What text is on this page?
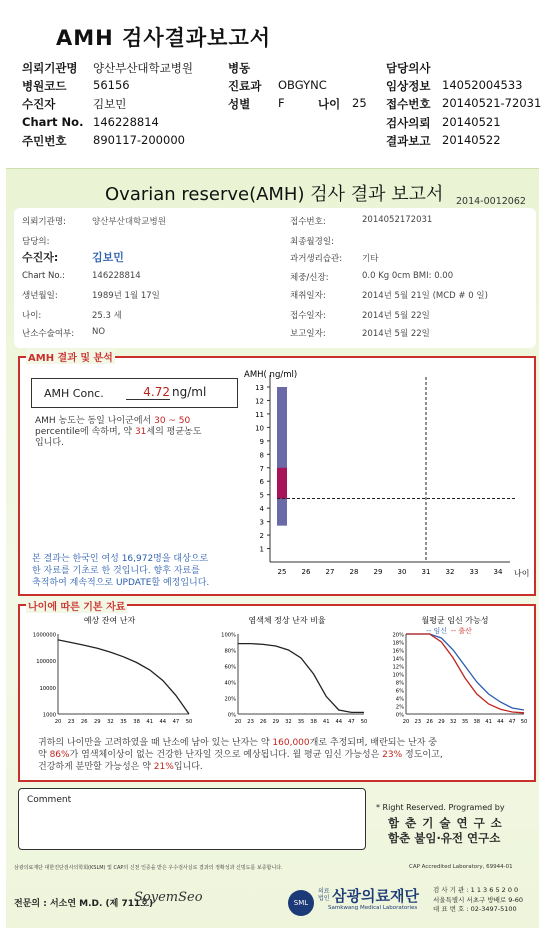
AMH 검사결과보고서
의뢰기관명 양산부산대학교병원	병동	담당의사
병원코드 56156	진료과 OBGYNC	임상정보 14052004533
수진자	김보민	성별 F	나이 25 접수번호 20140521-72031
Chart No. 146228814	검사의뢰 20140521
주민번호 890117-200000	결과보고 20140522
Ovarian reserve(AMH) 검사 결과 보고서 2014-0012062
의뢰기관명:	양산부산대학교병원
담당의:
수진자:	김보민
Chart No.:	146228814
생년월일:	1989년 1월 17일
나이:	25.3 세
난소수술여부: NO
접수번호:	2014052172031
최종월경일:
과거생리습관: 기타
체중/신장:	0.0 Kg 0cm BMI: 0.00
채취일자:	2014년 5월 21일 (MCD # 0 일)
접수일자:	2014년 5월 22일
보고일자:	2014년 5월 22일
AMH 결과 및 분석
AMH Conc.	4.72 ng/ml
AMH 농도는 동일 나이군에서 30 ~ 50
percentile에 속하며, 약 31세의 평균농도
입니다.
본 결과는 한국인 여성 16,972명을 대상으로
한 자료를 기초로 한 것입니다. 향후 자료를
축적하여 계속적으로 UPDATE할 예정입니다.
AMH( ng/ml)
1
2
3
4
5
6
7
8
9
10
11
12
13
25 26 27 28 29 30 31 32 33 34 나이
나이에 따른 기본 자료
예상 잔여 난자
1000000
100000
10000
1000
20 23 26 29 32 35 38 41 44 47 50
염색체 정상 난자 비율
100%
80%
60%
40%
20%
0%
20 23 26 29 32 35 38 41 44 47 50
월평균 임신 가능성
-- 임신 -- 출산
20%
18%
16%
14%
12%
10%
8%
6%
4%
2%
0%
20 23 26 29 32 35 38 41 44 47 50
귀하의 나이만을 고려하였을 때 난소에 남아 있는 난자는 약 160,000개로 추정되며, 배란되는 난자 중
약 86%가 염색체이상이 없는 건강한 난자일 것으로 예상됩니다. 월 평균 임신 가능성은 23% 정도이고,
건강하게 분만할 가능성은 약 21%입니다.
Comment
* Right Reserved. Programed by
함 춘 기 술 연 구 소
함춘 불임·유전 연구소
삼광의료재단 대한진단검사의학회(KSLM) 및 CAP의 신천 인증을 받은 우수검사실로 결과의 정확성과 신빙도를 보증합니다.	CAP Accredited Laboratory, 69944-01
전문의 : 서소연 M.D. (제 711호)
SoyemSeo	SML
의료
법인 삼광의료재단
Samkwang Medical Laboratories
검 사 기 관 : 1 1 3 6 5 2 0 0
서울특별시 서초구 방배로 9-60
대 표 번 호 : 02-3497-5100
